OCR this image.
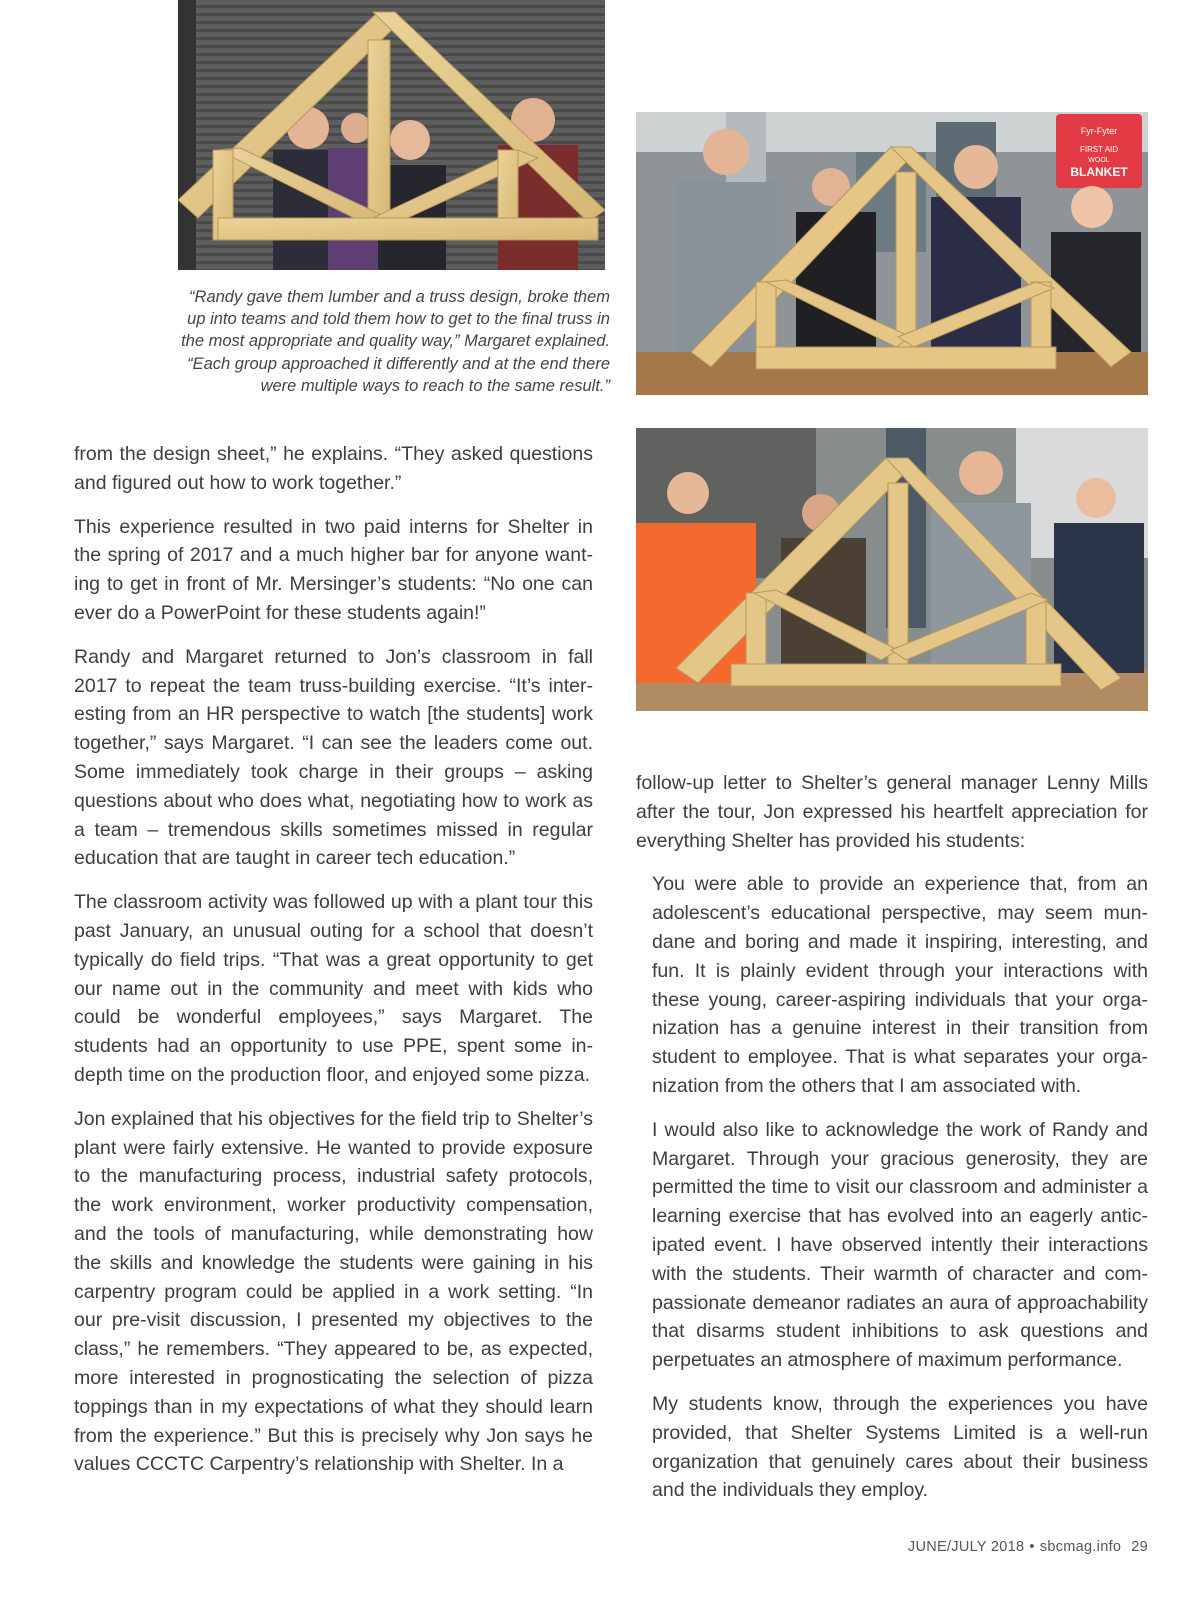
Fyr-Fyter
FIRST AID
WOOL
BLANKET
“Randy gave them lumber and a truss design, broke them
up into teams and told them how to get to the final truss in
the most appropriate and quality way,” Margaret explained.
“Each group approached it differently and at the end there
were multiple ways to reach to the same result.”

from the design sheet,” he explains. “They asked questions and figured out how to work together.”

This experience resulted in two paid interns for Shelter in the spring of 2017 and a much higher bar for anyone wanting to get in front of Mr. Mersinger’s students: “No one can ever do a PowerPoint for these students again!”

Randy and Margaret returned to Jon’s classroom in fall 2017 to repeat the team truss-building exercise. “It’s interesting from an HR perspective to watch [the students] work together,” says Margaret. “I can see the leaders come out. Some immediately took charge in their groups – asking questions about who does what, negotiating how to work as a team – tremendous skills sometimes missed in regular education that are taught in career tech education.”

The classroom activity was followed up with a plant tour this past January, an unusual outing for a school that doesn’t typically do field trips. “That was a great opportunity to get our name out in the community and meet with kids who could be wonderful employees,” says Margaret. The students had an opportunity to use PPE, spent some in-depth time on the production floor, and enjoyed some pizza.

Jon explained that his objectives for the field trip to Shelter’s plant were fairly extensive. He wanted to provide exposure to the manufacturing process, industrial safety protocols, the work environment, worker productivity compensation, and the tools of manufacturing, while demonstrating how the skills and knowledge the students were gaining in his carpentry program could be applied in a work setting. “In our pre-visit discussion, I presented my objectives to the class,” he remembers. “They appeared to be, as expected, more interested in prognosticating the selection of pizza toppings than in my expectations of what they should learn from the experience.” But this is precisely why Jon says he values CCCTC Carpentry’s relationship with Shelter. In a

follow-up letter to Shelter’s general manager Lenny Mills after the tour, Jon expressed his heartfelt appreciation for everything Shelter has provided his students:

You were able to provide an experience that, from an adolescent’s educational perspective, may seem mundane and boring and made it inspiring, interesting, and fun. It is plainly evident through your interactions with these young, career-aspiring individuals that your organization has a genuine interest in their transition from student to employee. That is what separates your organization from the others that I am associated with.

I would also like to acknowledge the work of Randy and Margaret. Through your gracious generosity, they are permitted the time to visit our classroom and administer a learning exercise that has evolved into an eagerly anticipated event. I have observed intently their interactions with the students. Their warmth of character and compassionate demeanor radiates an aura of approachability that disarms student inhibitions to ask questions and perpetuates an atmosphere of maximum performance.

My students know, through the experiences you have provided, that Shelter Systems Limited is a well-run organization that genuinely cares about their business and the individuals they employ.

JUNE/JULY 2018 • sbcmag.info 29
